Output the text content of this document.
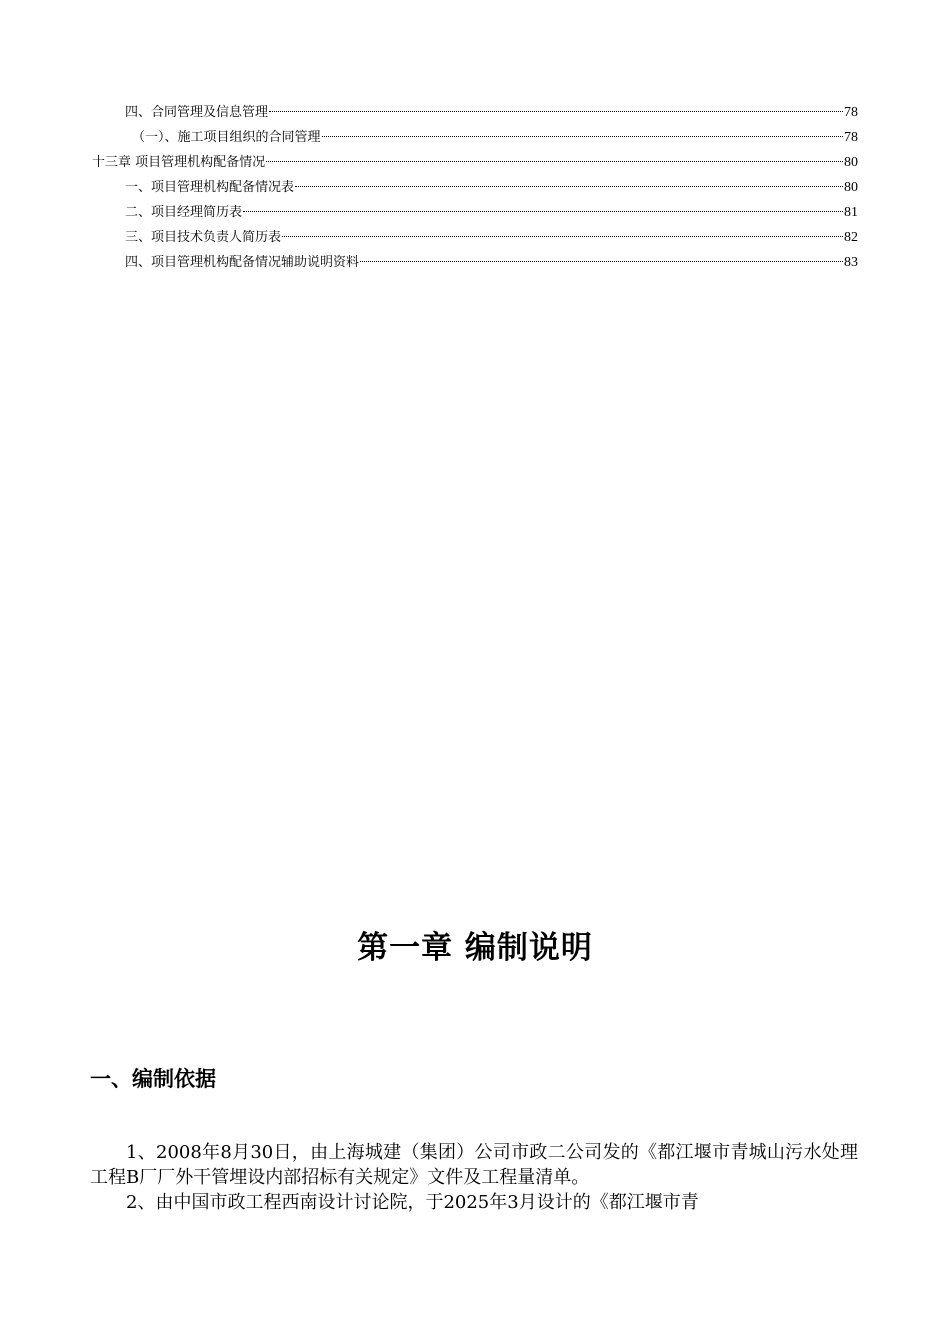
四、合同管理及信息管理	78
（一）、施工项目组织的合同管理	78
十三章 项目管理机构配备情况	80
一、项目管理机构配备情况表	80
二、项目经理简历表	81
三、项目技术负责人简历表	82
四、项目管理机构配备情况辅助说明资料	83
第一章 编制说明
一、编制依据

1、2008年8月30日，由上海城建（集团）公司市政二公司发的《都江堰市青城山污水处理工程B厂厂外干管埋设内部招标有关规定》文件及工程量清单。

2、由中国市政工程西南设计讨论院，于2025年3月设计的《都江堰市青
